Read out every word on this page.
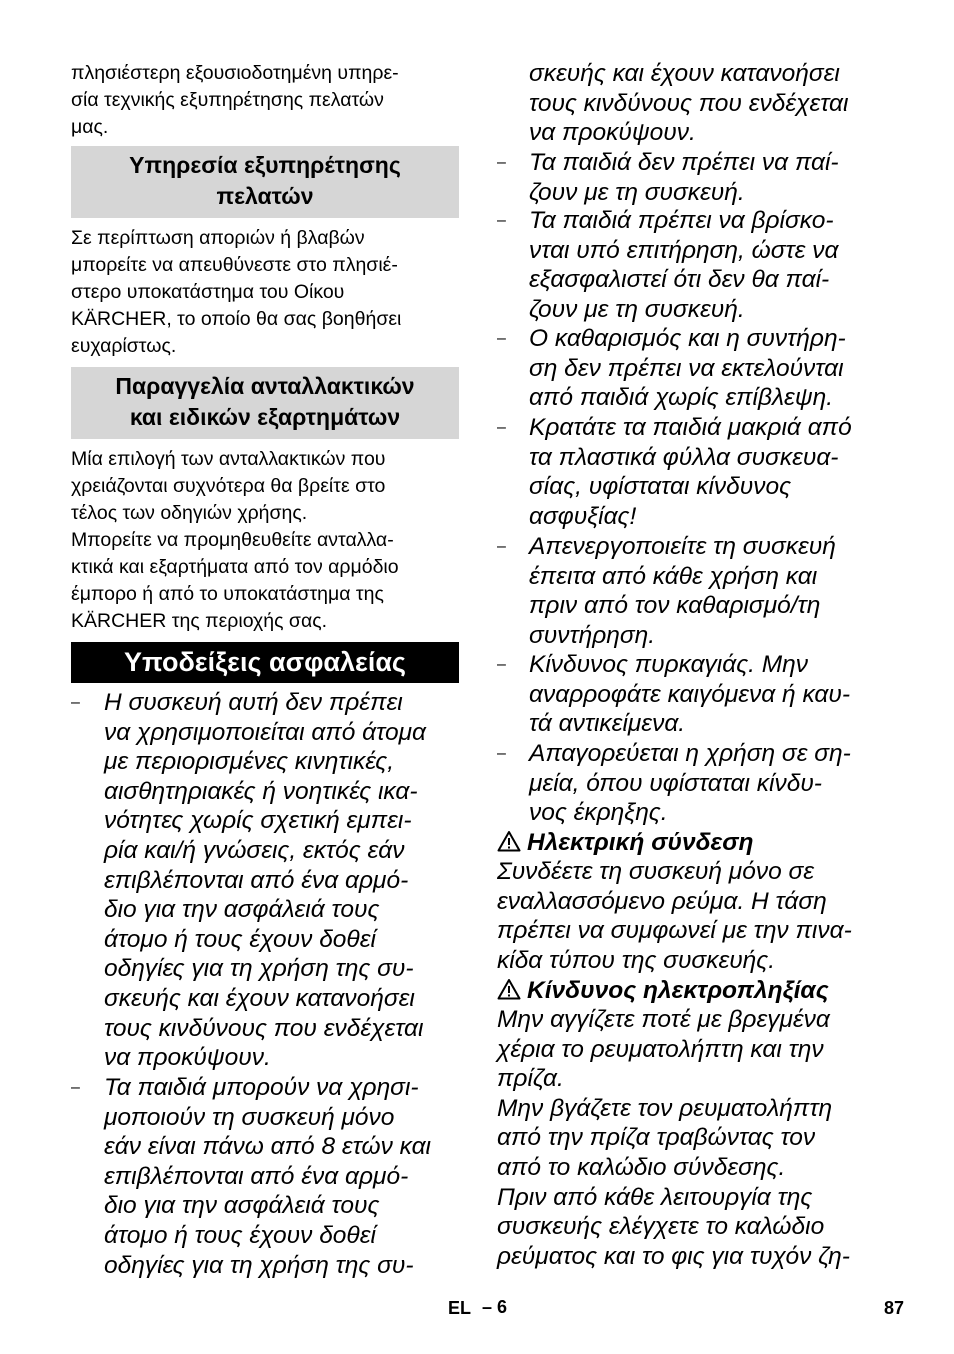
πλησιέστερη εξουσιοδοτημένη υπηρε-
σία τεχνικής εξυπηρέτησης πελατών
μας.
Υπηρεσία εξυπηρέτησης
πελατών
Σε περίπτωση αποριών ή βλαβών
μπορείτε να απευθύνεστε στο πλησιέ-
στερο υποκατάστημα του Οίκου
KÄRCHER, το οποίο θα σας βοηθήσει
ευχαρίστως.
Παραγγελία ανταλλακτικών
και ειδικών εξαρτημάτων
Μία επιλογή των ανταλλακτικών που
χρειάζονται συχνότερα θα βρείτε στο
τέλος των οδηγιών χρήσης.
Μπορείτε να προμηθευθείτε ανταλλα-
κτικά και εξαρτήματα από τον αρμόδιο
έμπορο ή από το υποκατάστημα της
KÄRCHER της περιοχής σας.
Υποδείξεις ασφαλείας
– Η συσκευή αυτή δεν πρέπει
να χρησιμοποιείται από άτομα
με περιορισμένες κινητικές,
αισθητηριακές ή νοητικές ικα-
νότητες χωρίς σχετική εμπει-
ρία και/ή γνώσεις, εκτός εάν
επιβλέπονται από ένα αρμό-
διο για την ασφάλειά τους
άτομο ή τους έχουν δοθεί
οδηγίες για τη χρήση της συ-
σκευής και έχουν κατανοήσει
τους κινδύνους που ενδέχεται
να προκύψουν.
– Τα παιδιά μπορούν να χρησι-
μοποιούν τη συσκευή μόνο
εάν είναι πάνω από 8 ετών και
επιβλέπονται από ένα αρμό-
διο για την ασφάλειά τους
άτομο ή τους έχουν δοθεί
οδηγίες για τη χρήση της συ-
σκευής και έχουν κατανοήσει
τους κινδύνους που ενδέχεται
να προκύψουν.
– Τα παιδιά δεν πρέπει να παί-
ζουν με τη συσκευή.
– Τα παιδιά πρέπει να βρίσκο-
νται υπό επιτήρηση, ώστε να
εξασφαλιστεί ότι δεν θα παί-
ζουν με τη συσκευή.
– Ο καθαρισμός και η συντήρη-
ση δεν πρέπει να εκτελούνται
από παιδιά χωρίς επίβλεψη.
– Κρατάτε τα παιδιά μακριά από
τα πλαστικά φύλλα συσκευα-
σίας, υφίσταται κίνδυνος
ασφυξίας!
– Απενεργοποιείτε τη συσκευή
έπειτα από κάθε χρήση και
πριν από τον καθαρισμό/τη
συντήρηση.
– Κίνδυνος πυρκαγιάς. Μην
αναρροφάτε καιγόμενα ή καυ-
τά αντικείμενα.
– Απαγορεύεται η χρήση σε ση-
μεία, όπου υφίσταται κίνδυ-
νος έκρηξης.
Ηλεκτρική σύνδεση
Συνδέετε τη συσκευή μόνο σε
εναλλασσόμενο ρεύμα. Η τάση
πρέπει να συμφωνεί με την πινα-
κίδα τύπου της συσκευής.
Κίνδυνος ηλεκτροπληξίας
Μην αγγίζετε ποτέ με βρεγμένα
χέρια το ρευματολήπτη και την
πρίζα.
Μην βγάζετε τον ρευματολήπτη
από την πρίζα τραβώντας τον
από το καλώδιο σύνδεσης.
Πριν από κάθε λειτουργία της
συσκευής ελέγχετε το καλώδιο
ρεύματος και το φις για τυχόν ζη-
EL – 6	87
